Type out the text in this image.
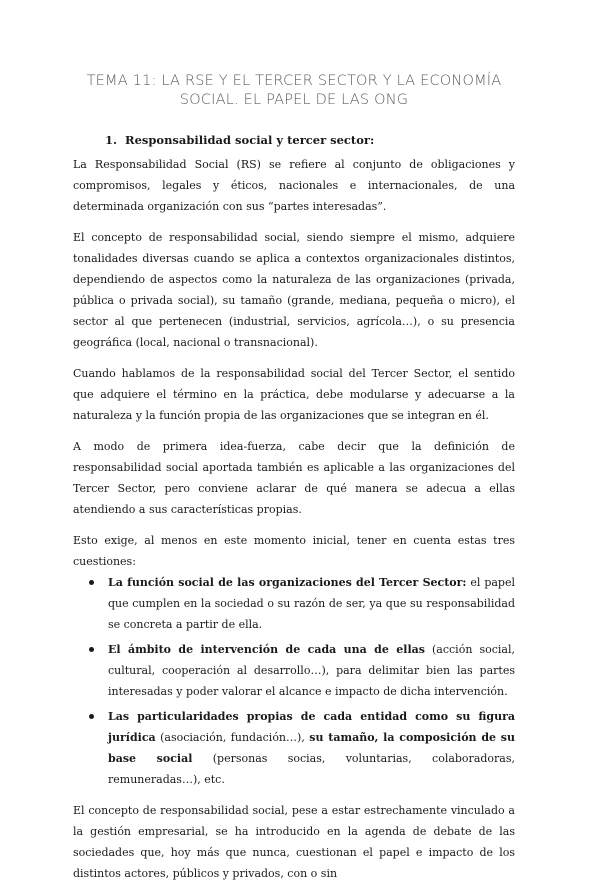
TEMA 11: LA RSE Y EL TERCER SECTOR Y LA ECONOMÍA
SOCIAL. EL PAPEL DE LAS ONG
1. Responsabilidad social y tercer sector:

La Responsabilidad Social (RS) se refiere al conjunto de obligaciones y compromisos, legales y éticos, nacionales e internacionales, de una determinada organización con sus “partes interesadas”.

El concepto de responsabilidad social, siendo siempre el mismo, adquiere tonalidades diversas cuando se aplica a contextos organizacionales distintos, dependiendo de aspectos como la naturaleza de las organizaciones (privada, pública o privada social), su tamaño (grande, mediana, pequeña o micro), el sector al que pertenecen (industrial, servicios, agrícola…), o su presencia geográfica (local, nacional o transnacional).

Cuando hablamos de la responsabilidad social del Tercer Sector, el sentido que adquiere el término en la práctica, debe modularse y adecuarse a la naturaleza y la función propia de las organizaciones que se integran en él.

A modo de primera idea-fuerza, cabe decir que la definición de responsabilidad social aportada también es aplicable a las organizaciones del Tercer Sector, pero conviene aclarar de qué manera se adecua a ellas atendiendo a sus características propias.

Esto exige, al menos en este momento inicial, tener en cuenta estas tres cuestiones:

La función social de las organizaciones del Tercer Sector: el papel que cumplen en la sociedad o su razón de ser, ya que su responsabilidad se concreta a partir de ella.
El ámbito de intervención de cada una de ellas (acción social, cultural, cooperación al desarrollo…), para delimitar bien las partes interesadas y poder valorar el alcance e impacto de dicha intervención.
Las particularidades propias de cada entidad como su figura jurídica (asociación, fundación…), su tamaño, la composición de su base social (personas socias, voluntarias, colaboradoras, remuneradas…), etc.

El concepto de responsabilidad social, pese a estar estrechamente vinculado a la gestión empresarial, se ha introducido en la agenda de debate de las sociedades que, hoy más que nunca, cuestionan el papel e impacto de los distintos actores, públicos y privados, con o sin
